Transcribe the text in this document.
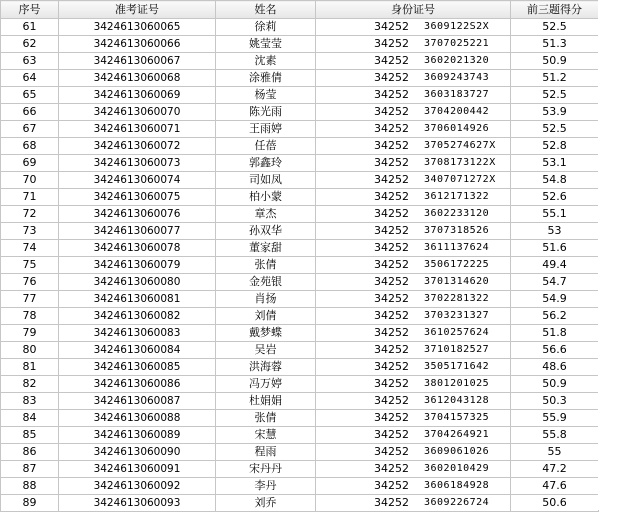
序号	准考证号	姓名	身份证号	前三题得分
61	3424613060065	徐莉	34252 3609122S2X	52.5
62	3424613060066	姚莹莹	34252 3707025221	51.3
63	3424613060067	沈素	34252 3602021320	50.9
64	3424613060068	涂雅倩	34252 3609243743	51.2
65	3424613060069	杨莹	34252 3603183727	52.5
66	3424613060070	陈光雨	34252 3704200442	53.9
67	3424613060071	王雨婷	34252 3706014926	52.5
68	3424613060072	任蓓	34252 3705274627X	52.8
69	3424613060073	郭鑫玲	34252 3708173122X	53.1
70	3424613060074	司如凤	34252 3407071272X	54.8
71	3424613060075	柏小蒙	34252 3612171322	52.6
72	3424613060076	章杰	34252 3602233120	55.1
73	3424613060077	孙双华	34252 3707318526	53
74	3424613060078	董家甜	34252 3611137624	51.6
75	3424613060079	张倩	34252 3506172225	49.4
76	3424613060080	金苑银	34252 3701314620	54.7
77	3424613060081	肖扬	34252 3702281322	54.9
78	3424613060082	刘倩	34252 3703231327	56.2
79	3424613060083	戴梦蝶	34252 3610257624	51.8
80	3424613060084	吴岩	34252 3710182527	56.6
81	3424613060085	洪海蓉	34252 3505171642	48.6
82	3424613060086	冯万婷	34252 3801201025	50.9
83	3424613060087	杜娟娟	34252 3612043128	50.3
84	3424613060088	张倩	34252 3704157325	55.9
85	3424613060089	宋慧	34252 3704264921	55.8
86	3424613060090	程雨	34252 3609061026	55
87	3424613060091	宋丹丹	34252 3602010429	47.2
88	3424613060092	李丹	34252 3606184928	47.6
89	3424613060093	刘乔	34252 3609226724	50.6
